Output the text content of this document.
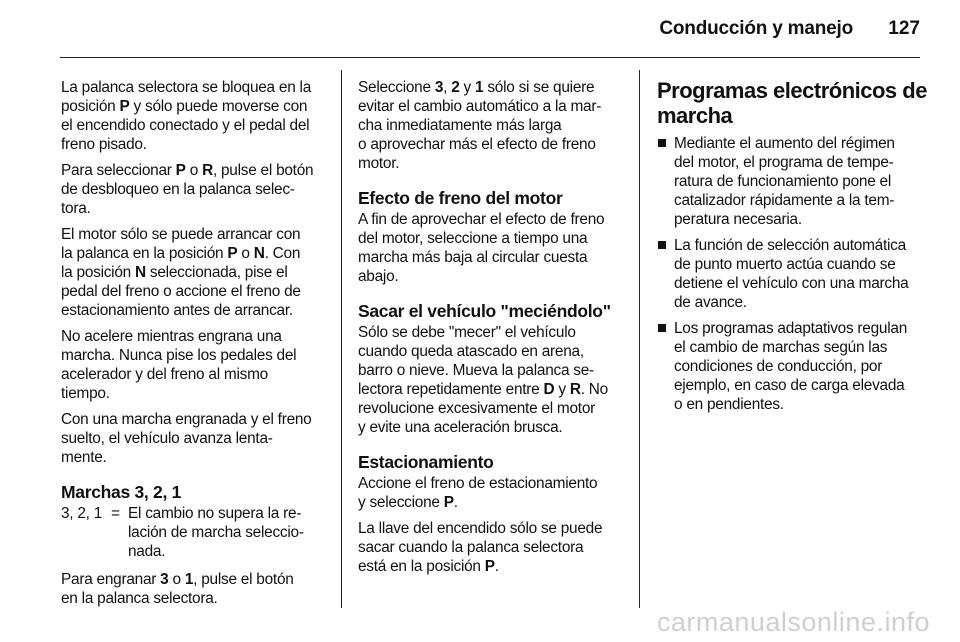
Conducción y manejo 127

La palanca selectora se bloquea en la
posición P y sólo puede moverse con
el encendido conectado y el pedal del
freno pisado.

Para seleccionar P o R, pulse el botón
de desbloqueo en la palanca selec-
tora.

El motor sólo se puede arrancar con
la palanca en la posición P o N. Con
la posición N seleccionada, pise el
pedal del freno o accione el freno de
estacionamiento antes de arrancar.

No acelere mientras engrana una
marcha. Nunca pise los pedales del
acelerador y del freno al mismo
tiempo.

Con una marcha engranada y el freno
suelto, el vehículo avanza lenta-
mente.

Marchas 3, 2, 1
3, 2, 1 = El cambio no supera la re-
lación de marcha seleccio-
nada.

Para engranar 3 o 1, pulse el botón
en la palanca selectora.

Seleccione 3, 2 y 1 sólo si se quiere
evitar el cambio automático a la mar-
cha inmediatamente más larga
o aprovechar más el efecto de freno
motor.

Efecto de freno del motor

A fin de aprovechar el efecto de freno
del motor, seleccione a tiempo una
marcha más baja al circular cuesta
abajo.

Sacar el vehículo "meciéndolo"

Sólo se debe "mecer" el vehículo
cuando queda atascado en arena,
barro o nieve. Mueva la palanca se-
lectora repetidamente entre D y R. No
revolucione excesivamente el motor
y evite una aceleración brusca.

Estacionamiento

Accione el freno de estacionamiento
y seleccione P.

La llave del encendido sólo se puede
sacar cuando la palanca selectora
está en la posición P.

Programas electrónicos de
marcha
Mediante el aumento del régimen
del motor, el programa de tempe-
ratura de funcionamiento pone el
catalizador rápidamente a la tem-
peratura necesaria.
La función de selección automática
de punto muerto actúa cuando se
detiene el vehículo con una marcha
de avance.
Los programas adaptativos regulan
el cambio de marchas según las
condiciones de conducción, por
ejemplo, en caso de carga elevada
o en pendientes.
carmanualsonline.info
